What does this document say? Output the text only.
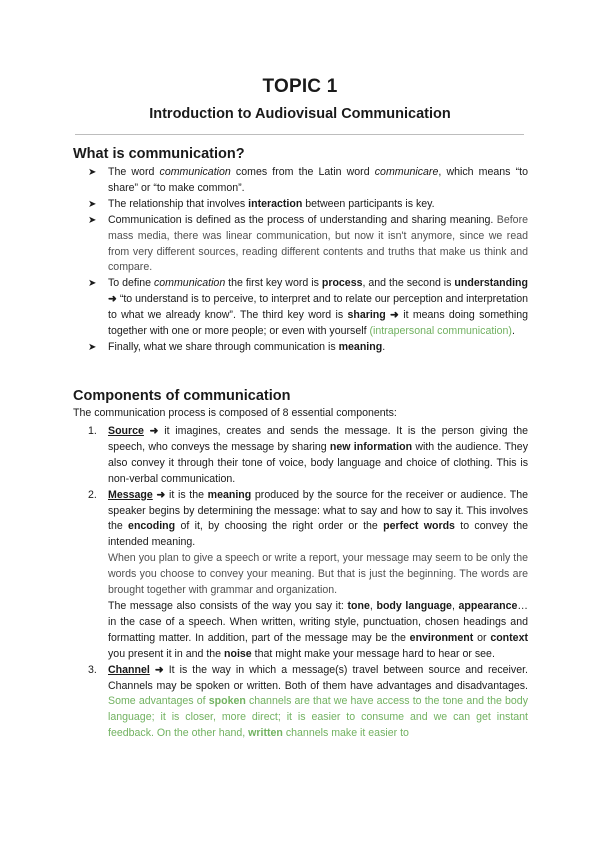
TOPIC 1
Introduction to Audiovisual Communication
What is communication?
➤ The word communication comes from the Latin word communicare, which means “to share” or “to make common”.
➤ The relationship that involves interaction between participants is key.
➤ Communication is defined as the process of understanding and sharing meaning. Before mass media, there was linear communication, but now it isn't anymore, since we read from very different sources, reading different contents and truths that make us think and compare.
➤ To define communication the first key word is process, and the second is understanding ➜ “to understand is to perceive, to interpret and to relate our perception and interpretation to what we already know”. The third key word is sharing ➜ it means doing something together with one or more people; or even with yourself (intrapersonal communication).
➤ Finally, what we share through communication is meaning.
Components of communication
The communication process is composed of 8 essential components:
1. Source ➜ it imagines, creates and sends the message. It is the person giving the speech, who conveys the message by sharing new information with the audience. They also convey it through their tone of voice, body language and choice of clothing. This is non-verbal communication.
2. Message ➜ it is the meaning produced by the source for the receiver or audience. The speaker begins by determining the message: what to say and how to say it. This involves the encoding of it, by choosing the right order or the perfect words to convey the intended meaning.
When you plan to give a speech or write a report, your message may seem to be only the words you choose to convey your meaning. But that is just the beginning. The words are brought together with grammar and organization.
The message also consists of the way you say it: tone, body language, appearance… in the case of a speech. When written, writing style, punctuation, chosen headings and formatting matter. In addition, part of the message may be the environment or context you present it in and the noise that might make your message hard to hear or see.
3. Channel ➜ It is the way in which a message(s) travel between source and receiver. Channels may be spoken or written. Both of them have advantages and disadvantages. Some advantages of spoken channels are that we have access to the tone and the body language; it is closer, more direct; it is easier to consume and we can get instant feedback. On the other hand, written channels make it easier to
